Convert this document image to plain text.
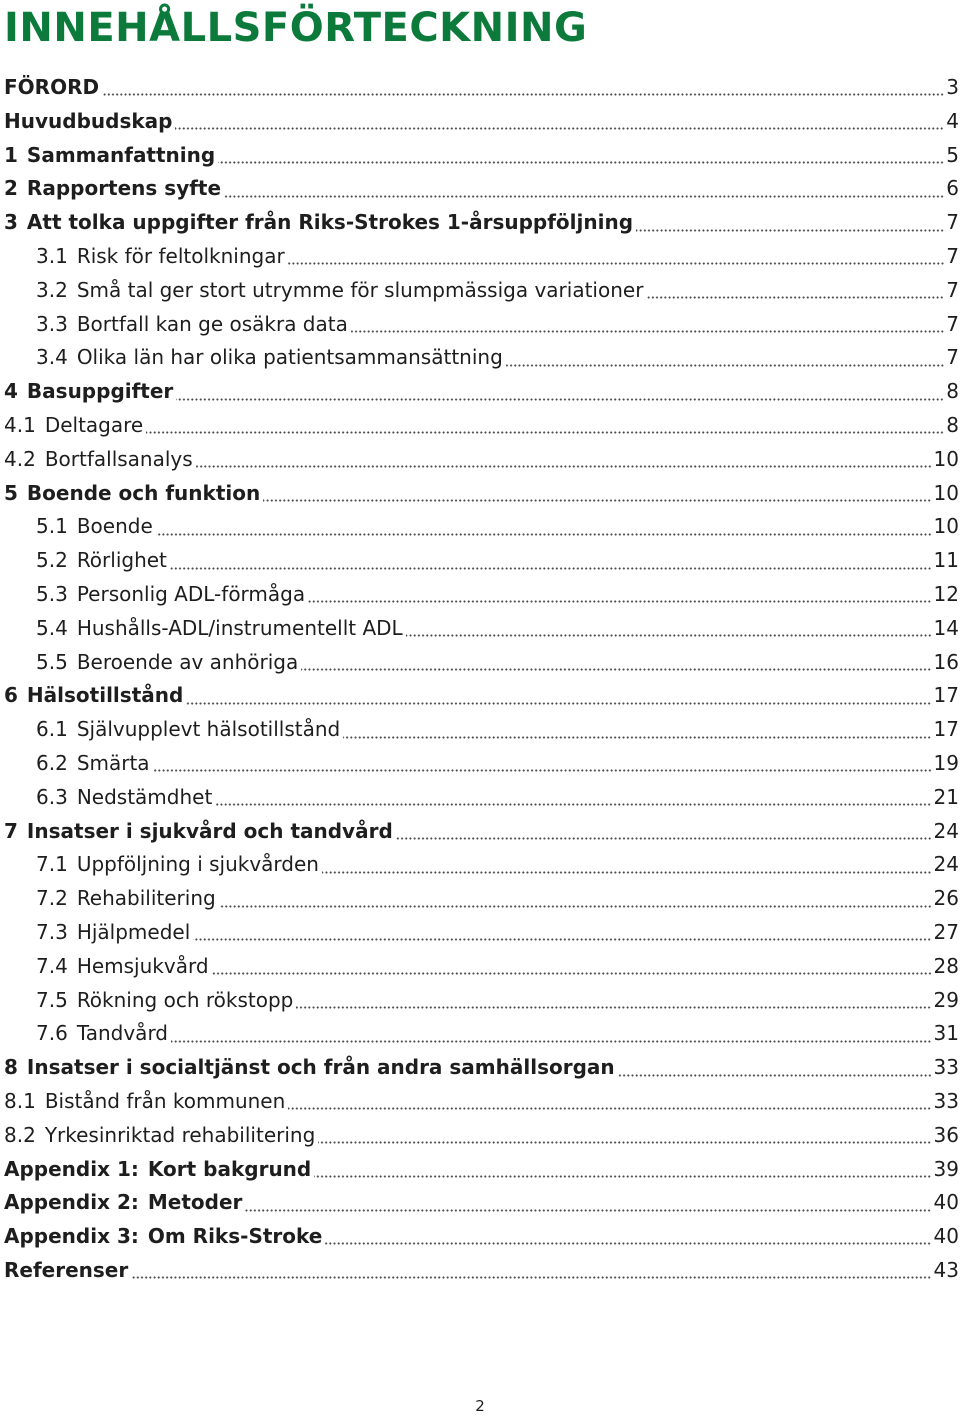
INNEHÅLLSFÖRTECKNING
FÖRORD	3
Huvudbudskap	4
1 Sammanfattning	5
2 Rapportens syfte	6
3 Att tolka uppgifter från Riks-Strokes 1-årsuppföljning	7
3.1 Risk för feltolkningar	7
3.2 Små tal ger stort utrymme för slumpmässiga variationer	7
3.3 Bortfall kan ge osäkra data	7
3.4 Olika län har olika patientsammansättning	7
4 Basuppgifter	8
4.1 Deltagare	8
4.2 Bortfallsanalys	10
5 Boende och funktion	10
5.1 Boende	10
5.2 Rörlighet	11
5.3 Personlig ADL-förmåga	12
5.4 Hushålls-ADL/instrumentellt ADL	14
5.5 Beroende av anhöriga	16
6 Hälsotillstånd	17
6.1 Självupplevt hälsotillstånd	17
6.2 Smärta	19
6.3 Nedstämdhet	21
7 Insatser i sjukvård och tandvård	24
7.1 Uppföljning i sjukvården	24
7.2 Rehabilitering	26
7.3 Hjälpmedel	27
7.4 Hemsjukvård	28
7.5 Rökning och rökstopp	29
7.6 Tandvård	31
8 Insatser i socialtjänst och från andra samhällsorgan	33
8.1 Bistånd från kommunen	33
8.2 Yrkesinriktad rehabilitering	36
Appendix 1: Kort bakgrund	39
Appendix 2: Metoder	40
Appendix 3: Om Riks-Stroke	40
Referenser	43
2
